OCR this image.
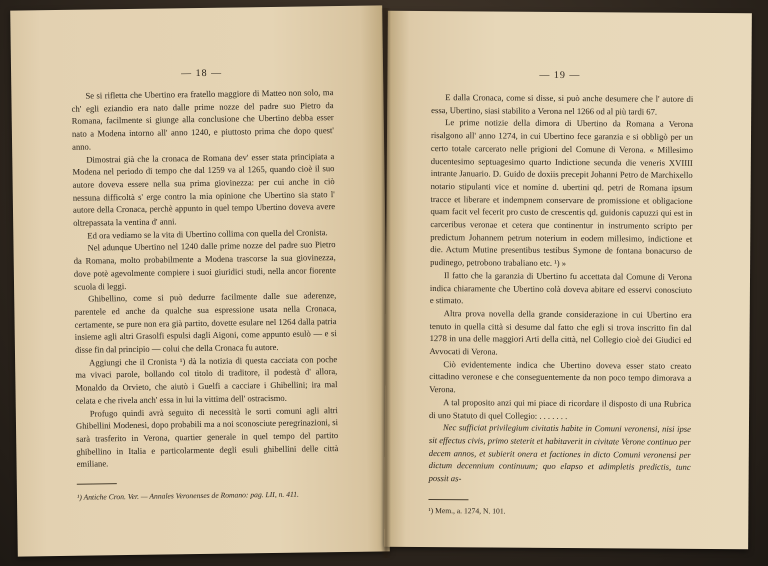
— 18 —

Se si rifletta che Ubertino era fratello maggiore di Matteo non solo, ma ch' egli eziandio era nato dalle prime nozze del padre suo Pietro da Romana, facilmente si giunge alla conclusione che Ubertino debba esser nato a Modena intorno all' anno 1240, e piuttosto prima che dopo quest' anno.

Dimostrai già che la cronaca de Romana dev' esser stata principiata a Modena nel periodo di tempo che dal 1259 va al 1265, quando cioè il suo autore doveva essere nella sua prima giovinezza: per cui anche in ciò nessuna difficoltà s' erge contro la mia opinione che Ubertino sia stato l' autore della Cronaca, perchè appunto in quel tempo Ubertino doveva avere oltrepassata la ventina d' anni.

Ed ora vediamo se la vita di Ubertino collima con quella del Cronista.

Nel adunque Ubertino nel 1240 dalle prime nozze del padre suo Pietro da Romana, molto probabilmente a Modena trascorse la sua giovinezza, dove potè agevolmente compiere i suoi giuridici studi, nella ancor fiorente scuola di leggi.

Ghibellino, come si può dedurre facilmente dalle sue aderenze, parentele ed anche da qualche sua espressione usata nella Cronaca, certamente, se pure non era già partito, dovette esulare nel 1264 dalla patria insieme agli altri Grasolfi espulsi dagli Aigoni, come appunto esulò — e si disse fin dal principio — colui che della Cronaca fu autore.

Aggiungi che il Cronista ¹) dà la notizia di questa cacciata con poche ma vivaci parole, bollando col titolo di traditore, il podestà d' allora, Monaldo da Orvieto, che aiutò i Guelfi a cacciare i Ghibellini; ira mal celata e che rivela anch' essa in lui la vittima dell' ostracismo.

Profugo quindi avrà seguito di necessità le sorti comuni agli altri Ghibellini Modenesi, dopo probabili ma a noi sconosciute peregrinazioni, si sarà trasferito in Verona, quartier generale in quel tempo del partito ghibellino in Italia e particolarmente degli esuli ghibellini delle città emiliane.

¹) Antiche Cron. Ver. — Annales Veronenses de Romano: pag. LII, n. 411.
— 19 —

E dalla Cronaca, come si disse, si può anche desumere che l' autore di essa, Ubertino, siasi stabilito a Verona nel 1266 od al più tardi 67.

Le prime notizie della dimora di Ubertino da Romana a Verona risalgono all' anno 1274, in cui Ubertino fece garanzia e si obbligò per un certo totale carcerato nelle prigioni del Comune di Verona. « Millesimo ducentesimo septuagesimo quarto Indictione secunda die veneris XVIIII intrante Januario. D. Guido de doxiis precepit Johanni Petro de Marchixello notario stipulanti vice et nomine d. ubertini qd. petri de Romana ipsum tracce et liberare et indempnem conservare de promissione et obligacione quam facit vel fecerit pro custo de crescentis qd. guidonis capuzzi qui est in carceribus veronae et cetera que continentur in instrumento scripto per predictum Johannem petrum noterium in eodem millesimo, indictione et die. Actum Mutine presentibus testibus Symone de fontana bonacurso de pudinego, petrobono trabaliano etc. ¹) »

Il fatto che la garanzia di Ubertino fu accettata dal Comune di Verona indica chiaramente che Ubertino colà doveva abitare ed esservi conosciuto e stimato.

Altra prova novella della grande considerazione in cui Ubertino era tenuto in quella città si desume dal fatto che egli si trova inscritto fin dal 1278 in una delle maggiori Arti della città, nel Collegio cioè dei Giudici ed Avvocati di Verona.

Ciò evidentemente indica che Ubertino doveva esser stato creato cittadino veronese e che conseguentemente da non poco tempo dimorava a Verona.

A tal proposito anzi qui mi piace di ricordare il disposto di una Rubrica di uno Statuto di quel Collegio: . . . . . . .

Nec sufficiat privilegium civitatis habite in Comuni veronensi, nisi ipse sit effectus civis, primo steterit et habitaverit in civitate Verone continuo per decem annos, et subierit onera et factiones in dicto Comuni veronensi per dictum decennium continuum; quo elapso et adimpletis predictis, tunc possit as-

¹) Mem., a. 1274, N. 101.
